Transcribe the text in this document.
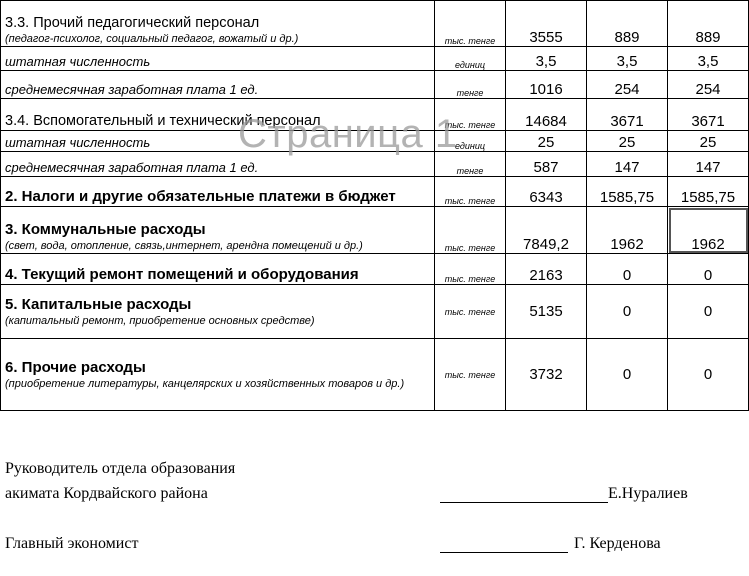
3.3. Прочий педагогический персонал
(педагог-психолог, социальный педагог, вожатый и др.)	тыс. тенге	3555	889	889

штатная численность	единиц	3,5	3,5	3,5

среднемесячная заработная плата 1 ед.	тенге	1016	254	254

3.4. Вспомогательный и технический персонал	тыс. тенге	14684	3671	3671

штатная численность	единиц	25	25	25

среднемесячная заработная плата 1 ед.	тенге	587	147	147

2. Налоги и другие обязательные платежи в бюджет	тыс. тенге	6343	1585,75	1585,75

3. Коммунальные расходы
(свет, вода, отопление, связь,интернет, арендна помещений и др.)	тыс. тенге	7849,2	1962	1962

4. Текущий ремонт помещений и оборудования	тыс. тенге	2163	0	0

5. Капитальные расходы
(капитальный ремонт, приобретение основных средстве)	тыс. тенге	5135	0	0

6. Прочие расходы
(приобретение литературы, канцелярских и хозяйственных товаров и др.)	тыс. тенге	3732	0	0
Страница 1
Руководитель отдела образования
акимата Кордвайского района	Е.Нуралиев
Главный экономист	Г. Керденова
